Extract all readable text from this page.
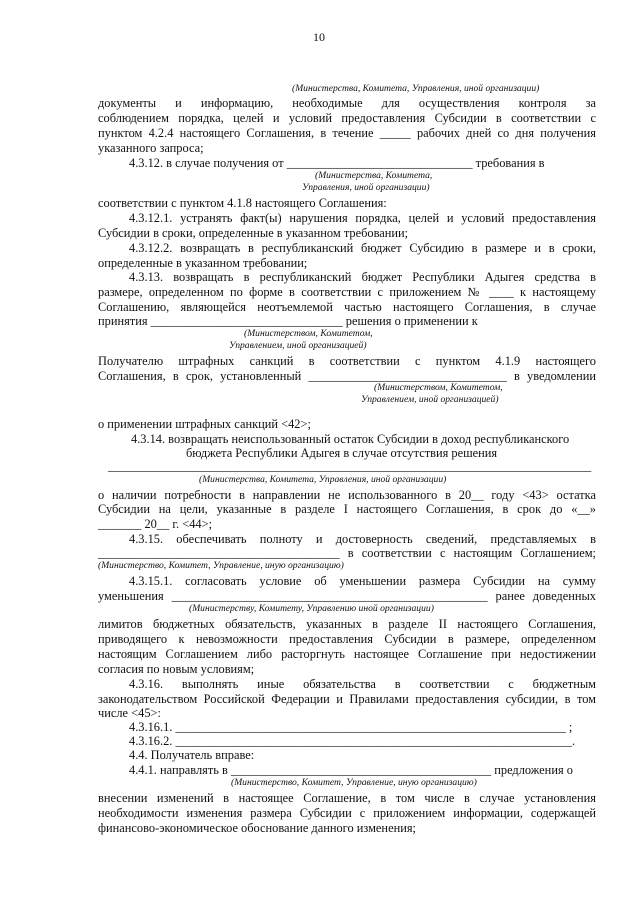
10
(Министерства, Комитета, Управления, иной организации)
документы и информацию, необходимые для осуществления контроля за
соблюдением порядка, целей и условий предоставления Субсидии в соответствии с
пунктом 4.2.4 настоящего Соглашения, в течение _____ рабочих дней со дня получения
указанного запроса;
4.3.12. в случае получения от ______________________________ требования в
(Министерства, Комитета,
Управления, иной организации)
соответствии с пунктом 4.1.8 настоящего Соглашения:
4.3.12.1. устранять факт(ы) нарушения порядка, целей и условий предоставления
Субсидии в сроки, определенные в указанном требовании;
4.3.12.2. возвращать в республиканский бюджет Субсидию в размере и в сроки,
определенные в указанном требовании;
4.3.13. возвращать в республиканский бюджет Республики Адыгея средства в
размере, определенном по форме в соответствии с приложением № ____ к настоящему
Соглашению, являющейся неотъемлемой частью настоящего Соглашения, в случае
принятия _______________________________ решения о применении к
(Министерством, Комитетом,
Управлением, иной организацией)
Получателю штрафных санкций в соответствии с пунктом 4.1.9 настоящего
Соглашения, в срок, установленный ________________________________ в уведомлении
(Министерством, Комитетом,
Управлением, иной организацией)
о применении штрафных санкций <42>;
4.3.14. возвращать неиспользованный остаток Субсидии в доход республиканского
бюджета Республики Адыгея в случае отсутствия решения
______________________________________________________________________________
(Министерства, Комитета, Управления, иной организации)
о наличии потребности в направлении не использованного в 20__ году <43> остатка
Субсидии на цели, указанные в разделе I настоящего Соглашения, в срок до «__»
_______ 20__ г. <44>;
4.3.15. обеспечивать полноту и достоверность сведений, представляемых в
_______________________________________ в соответствии с настоящим Соглашением;
(Министерство, Комитет, Управление, иную организацию)
4.3.15.1. согласовать условие об уменьшении размера Субсидии на сумму
уменьшения ___________________________________________________ ранее доведенных
(Министерству, Комитету, Управлению иной организации)
лимитов бюджетных обязательств, указанных в разделе II настоящего Соглашения,
приводящего к невозможности предоставления Субсидии в размере, определенном
настоящим Соглашением либо расторгнуть настоящее Соглашение при недостижении
согласия по новым условиям;
4.3.16. выполнять иные обязательства в соответствии с бюджетным
законодательством Российской Федерации и Правилами предоставления субсидии, в том
числе <45>:
4.3.16.1. _______________________________________________________________ ;
4.3.16.2. ________________________________________________________________.
4.4. Получатель вправе:
4.4.1. направлять в __________________________________________ предложения о
(Министерство, Комитет, Управление, иную организацию)
внесении изменений в настоящее Соглашение, в том числе в случае установления
необходимости изменения размера Субсидии с приложением информации, содержащей
финансово-экономическое обоснование данного изменения;
